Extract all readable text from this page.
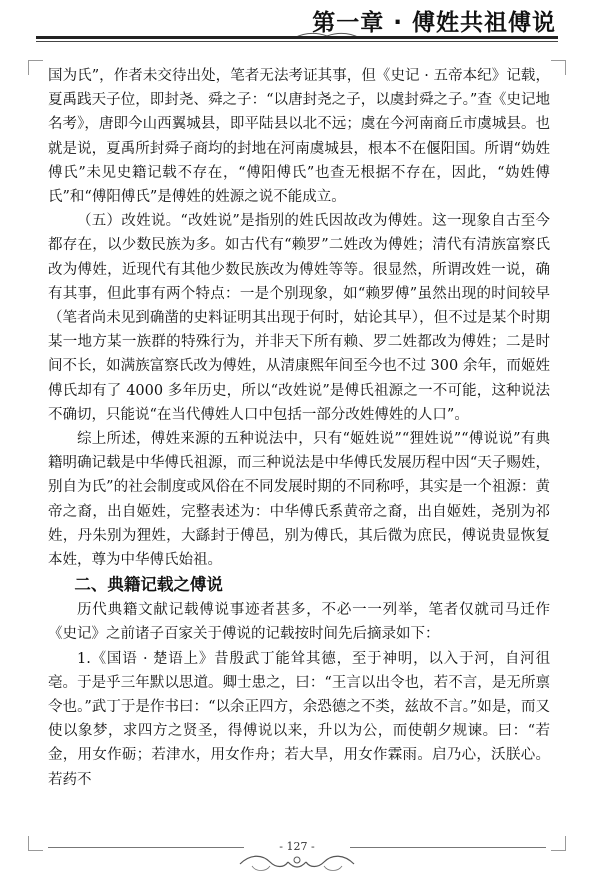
第一章 · 傅姓共祖傅说

国为氏”，作者未交待出处，笔者无法考证其事，但《史记 · 五帝本纪》记载，夏禹践天子位，即封尧、舜之子：“以唐封尧之子，以虞封舜之子。”查《史记地名考》，唐即今山西翼城县，即平陆县以北不远；虞在今河南商丘市虞城县。也就是说，夏禹所封舜子商均的封地在河南虞城县，根本不在偃阳国。所谓“妫姓傅氏”未见史籍记载不存在，“傅阳傅氏”也查无根据不存在，因此，“妫姓傅氏”和“傅阳傅氏”是傅姓的姓源之说不能成立。

（五）改姓说。“改姓说”是指别的姓氏因故改为傅姓。这一现象自古至今都存在，以少数民族为多。如古代有“赖罗”二姓改为傅姓；清代有清族富察氏改为傅姓，近现代有其他少数民族改为傅姓等等。很显然，所谓改姓一说，确有其事，但此事有两个特点：一是个别现象，如“赖罗傅”虽然出现的时间较早（笔者尚未见到确凿的史料证明其出现于何时，姑论其早），但不过是某个时期某一地方某一族群的特殊行为，并非天下所有赖、罗二姓都改为傅姓；二是时间不长，如满族富察氏改为傅姓，从清康熙年间至今也不过 300 余年，而姬姓傅氏却有了 4000 多年历史，所以“改姓说”是傅氏祖源之一不可能，这种说法不确切，只能说“在当代傅姓人口中包括一部分改姓傅姓的人口”。

综上所述，傅姓来源的五种说法中，只有“姬姓说”“狸姓说”“傅说说”有典籍明确记载是中华傅氏祖源，而三种说法是中华傅氏发展历程中因“天子赐姓，别自为氏”的社会制度或风俗在不同发展时期的不同称呼，其实是一个祖源：黄帝之裔，出自姬姓，完整表述为：中华傅氏系黄帝之裔，出自姬姓，尧别为祁姓，丹朱别为狸姓，大繇封于傅邑，别为傅氏，其后微为庶民，傅说贵显恢复本姓，尊为中华傅氏始祖。

二、典籍记载之傅说

历代典籍文献记载傅说事迹者甚多，不必一一列举，笔者仅就司马迁作《史记》之前诸子百家关于傅说的记载按时间先后摘录如下：

1.《国语 · 楚语上》昔殷武丁能耸其德，至于神明，以入于河，自河徂亳。于是乎三年默以思道。卿士患之，曰：“王言以出令也，若不言，是无所禀令也。”武丁于是作书曰：“以余正四方，余恐德之不类，兹故不言。”如是，而又使以象梦，求四方之贤圣，得傅说以来，升以为公，而使朝夕规谏。曰：“若金，用女作砺；若津水，用女作舟；若大旱，用女作霖雨。启乃心，沃朕心。若药不

- 127 -
